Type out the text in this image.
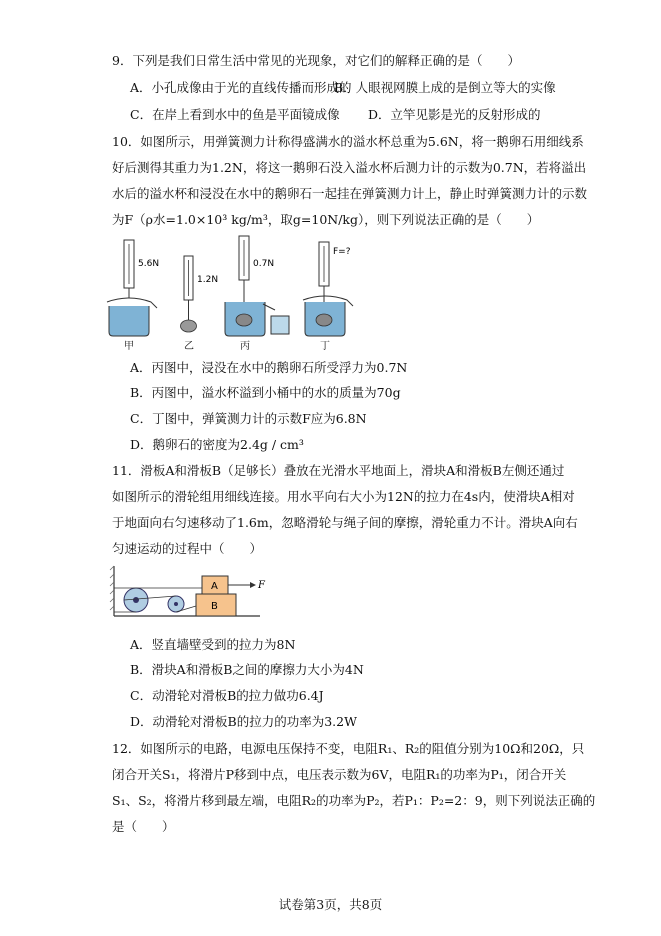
9．下列是我们日常生活中常见的光现象，对它们的解释正确的是（　　）
A．小孔成像由于光的直线传播而形成的
B．人眼视网膜上成的是倒立等大的实像
C．在岸上看到水中的鱼是平面镜成像 D．立竿见影是光的反射形成的
10．如图所示，用弹簧测力计称得盛满水的溢水杯总重为5.6N，将一鹅卵石用细线系
好后测得其重力为1.2N，将这一鹅卵石没入溢水杯后测力计的示数为0.7N，若将溢出
水后的溢水杯和浸没在水中的鹅卵石一起挂在弹簧测力计上，静止时弹簧测力计的示数
为F（ρ水=1.0×10³ kg/m³，取g=10N/kg），则下列说法正确的是（　　）
5.6N
1.2N
0.7N
F=?
甲	乙	丙	丁
A．丙图中，浸没在水中的鹅卵石所受浮力为0.7N
B．丙图中，溢水杯溢到小桶中的水的质量为70g
C．丁图中，弹簧测力计的示数F应为6.8N
D．鹅卵石的密度为2.4g / cm³
11．滑板A和滑板B（足够长）叠放在光滑水平地面上，滑块A和滑板B左侧还通过
如图所示的滑轮组用细线连接。用水平向右大小为12N的拉力在4s内，使滑块A相对
于地面向右匀速移动了1.6m，忽略滑轮与绳子间的摩擦，滑轮重力不计。滑块A向右
匀速运动的过程中（　　）
A
B
F
A．竖直墙壁受到的拉力为8N
B．滑块A和滑板B之间的摩擦力大小为4N
C．动滑轮对滑板B的拉力做功6.4J
D．动滑轮对滑板B的拉力的功率为3.2W
12．如图所示的电路，电源电压保持不变，电阻R₁、R₂的阻值分别为10Ω和20Ω，只
闭合开关S₁，将滑片P移到中点，电压表示数为6V，电阻R₁的功率为P₁，闭合开关
S₁、S₂，将滑片移到最左端，电阻R₂的功率为P₂，若P₁：P₂=2：9，则下列说法正确的
是（　　）
试卷第3页，共8页
